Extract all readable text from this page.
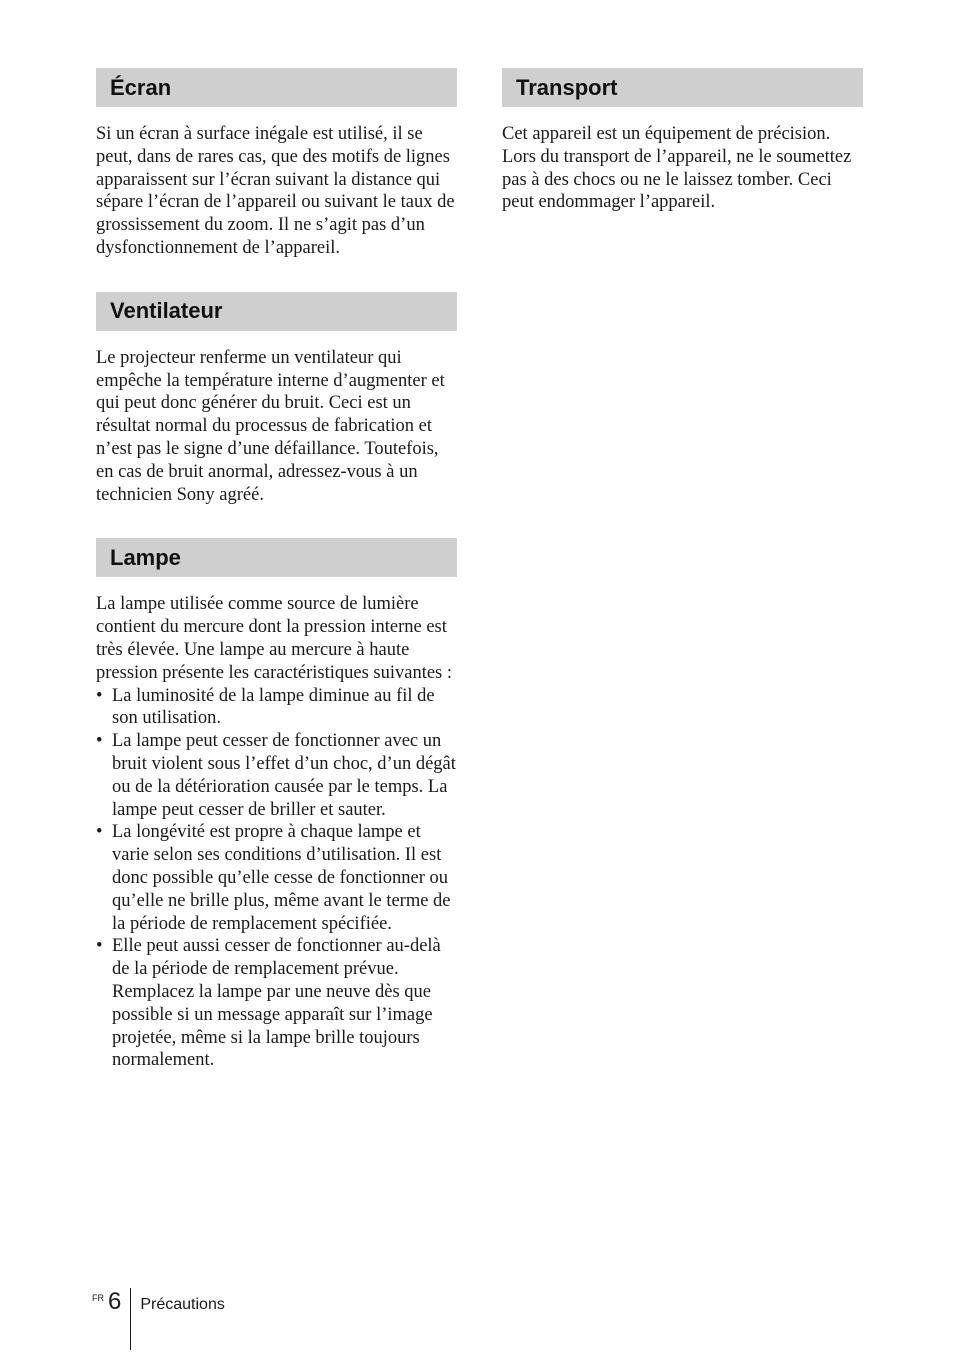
Écran

Si un écran à surface inégale est utilisé, il se peut, dans de rares cas, que des motifs de lignes apparaissent sur l’écran suivant la distance qui sépare l’écran de l’appareil ou suivant le taux de grossissement du zoom. Il ne s’agit pas d’un dysfonctionnement de l’appareil.

Ventilateur

Le projecteur renferme un ventilateur qui empêche la température interne d’augmenter et qui peut donc générer du bruit. Ceci est un résultat normal du processus de fabrication et n’est pas le signe d’une défaillance. Toutefois, en cas de bruit anormal, adressez-vous à un technicien Sony agréé.

Lampe

La lampe utilisée comme source de lumière contient du mercure dont la pression interne est très élevée. Une lampe au mercure à haute pression présente les caractéristiques suivantes :

• La luminosité de la lampe diminue au fil de son utilisation.
• La lampe peut cesser de fonctionner avec un bruit violent sous l’effet d’un choc, d’un dégât ou de la détérioration causée par le temps. La lampe peut cesser de briller et sauter.
• La longévité est propre à chaque lampe et varie selon ses conditions d’utilisation. Il est donc possible qu’elle cesse de fonctionner ou qu’elle ne brille plus, même avant le terme de la période de remplacement spécifiée.
• Elle peut aussi cesser de fonctionner au-delà de la période de remplacement prévue. Remplacez la lampe par une neuve dès que possible si un message apparaît sur l’image projetée, même si la lampe brille toujours normalement.
Transport

Cet appareil est un équipement de précision. Lors du transport de l’appareil, ne le soumettez pas à des chocs ou ne le laissez tomber. Ceci peut endommager l’appareil.

FR 6 Précautions
